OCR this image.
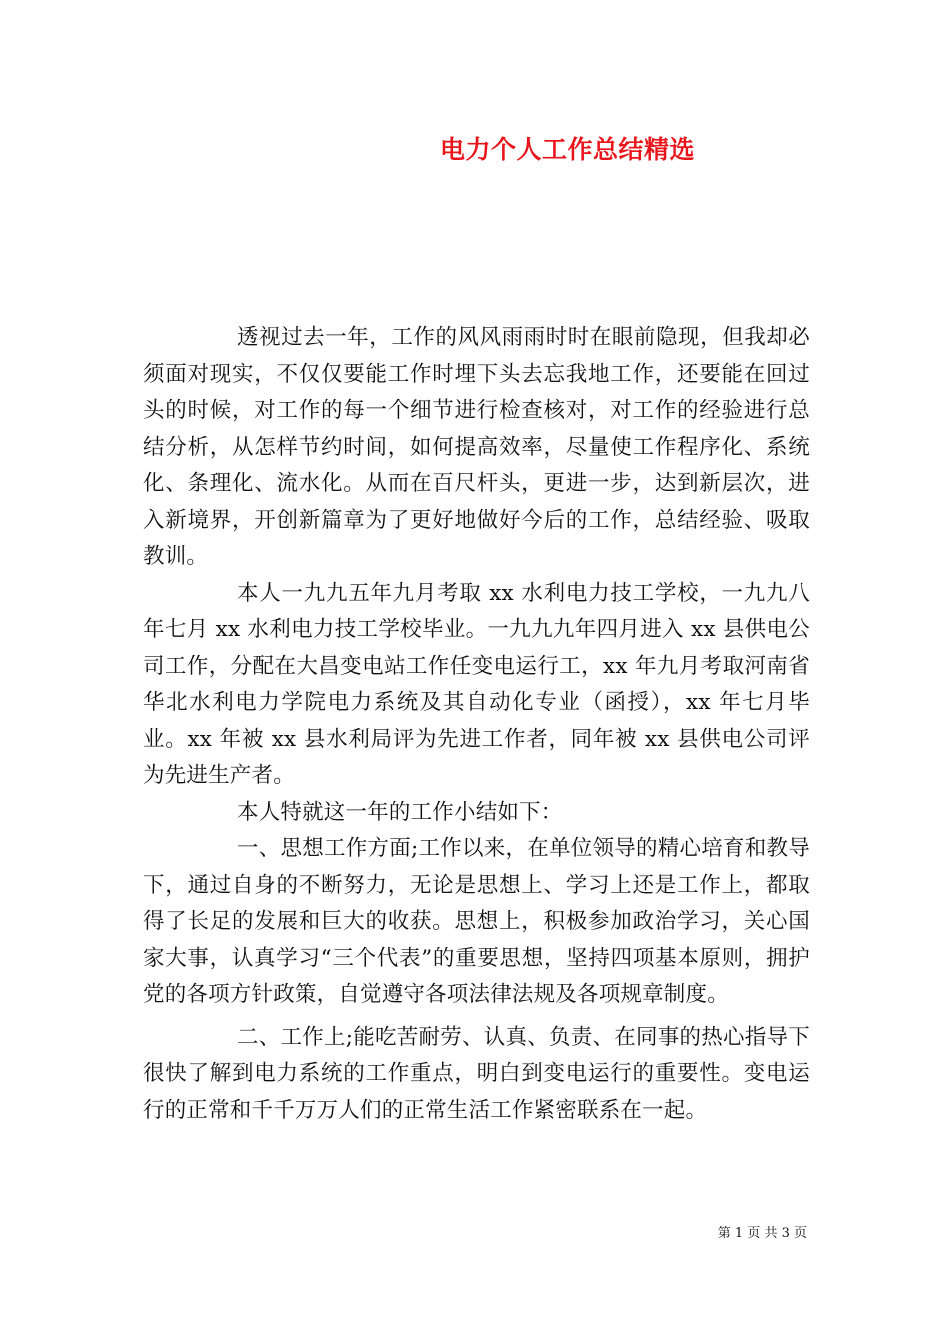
电力个人工作总结精选

透视过去一年，工作的风风雨雨时时在眼前隐现，但我却必须面对现实，不仅仅要能工作时埋下头去忘我地工作，还要能在回过头的时候，对工作的每一个细节进行检查核对，对工作的经验进行总结分析，从怎样节约时间，如何提高效率，尽量使工作程序化、系统化、条理化、流水化。从而在百尺杆头，更进一步，达到新层次，进入新境界，开创新篇章为了更好地做好今后的工作，总结经验、吸取教训。

本人一九九五年九月考取 xx 水利电力技工学校，一九九八年七月 xx 水利电力技工学校毕业。一九九九年四月进入 xx 县供电公司工作，分配在大昌变电站工作任变电运行工，xx 年九月考取河南省华北水利电力学院电力系统及其自动化专业（函授），xx 年七月毕业。xx 年被 xx 县水利局评为先进工作者，同年被 xx 县供电公司评为先进生产者。

本人特就这一年的工作小结如下：

一、思想工作方面;工作以来，在单位领导的精心培育和教导下，通过自身的不断努力，无论是思想上、学习上还是工作上，都取得了长足的发展和巨大的收获。思想上，积极参加政治学习，关心国家大事，认真学习“三个代表”的重要思想，坚持四项基本原则，拥护党的各项方针政策，自觉遵守各项法律法规及各项规章制度。

二、工作上;能吃苦耐劳、认真、负责、在同事的热心指导下很快了解到电力系统的工作重点，明白到变电运行的重要性。变电运行的正常和千千万万人们的正常生活工作紧密联系在一起。

第 1 页 共 3 页
